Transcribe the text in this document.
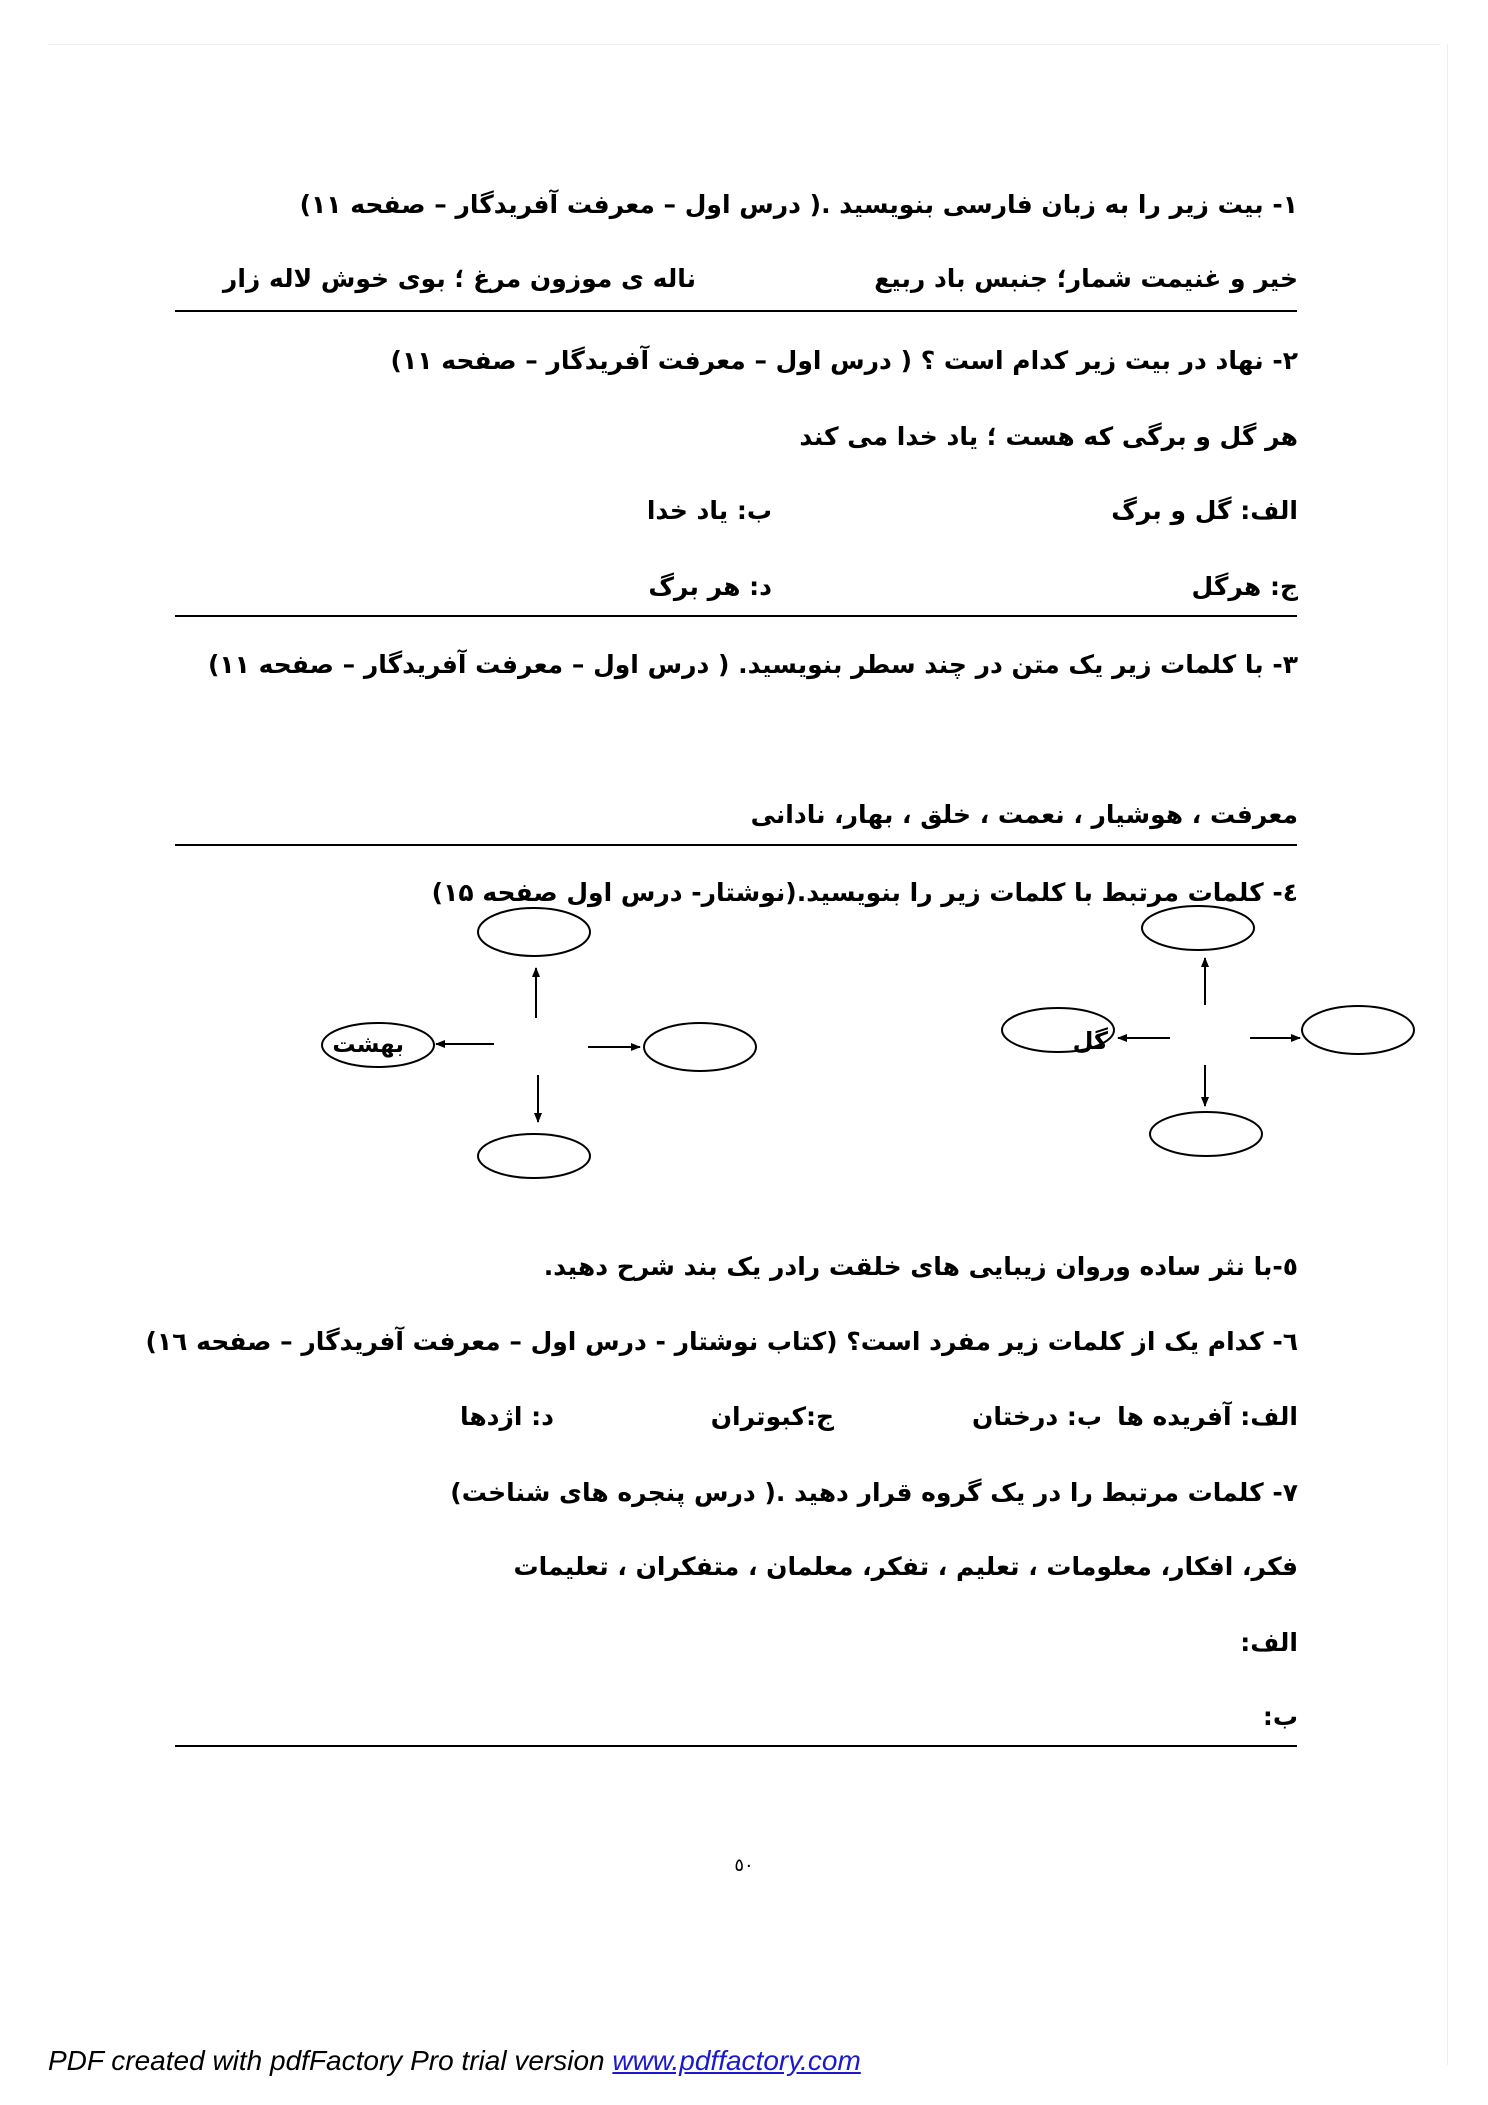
۱- بیت زیر را به زبان فارسی بنویسید .( درس اول – معرفت آفریدگار – صفحه ۱۱)
خیر و غنیمت شمار؛ جنبس باد ربیع
ناله ی موزون مرغ ؛ بوی خوش لاله زار
۲- نهاد در بیت زیر کدام است ؟ ( درس اول – معرفت آفریدگار – صفحه ۱۱)
هر گل و برگی که هست ؛ یاد خدا می کند
الف: گل و برگ
ب: یاد خدا
ج: هرگل
د: هر برگ
۳- با کلمات زیر یک متن در چند سطر بنویسید. ( درس اول – معرفت آفریدگار – صفحه ۱۱)
معرفت ، هوشیار ، نعمت ، خلق ، بهار، نادانی
٤- کلمات مرتبط با کلمات زیر را بنویسید.(نوشتار- درس اول صفحه ۱۵)
گل
بهشت
٥-با نثر ساده وروان زیبایی های خلقت رادر یک بند شرح دهید.
٦- کدام یک از کلمات زیر مفرد است؟ (کتاب نوشتار - درس اول – معرفت آفریدگار – صفحه ۱٦)
الف: آفریده ها
ب: درختان
ج:کبوتران
د: اژدها
۷- کلمات مرتبط را در یک گروه قرار دهید .( درس پنجره های شناخت)
فکر، افکار، معلومات ، تعلیم ، تفکر، معلمان ، متفکران ، تعلیمات
الف:
ب:
٥٠
PDF created with pdfFactory Pro trial version www.pdffactory.com
